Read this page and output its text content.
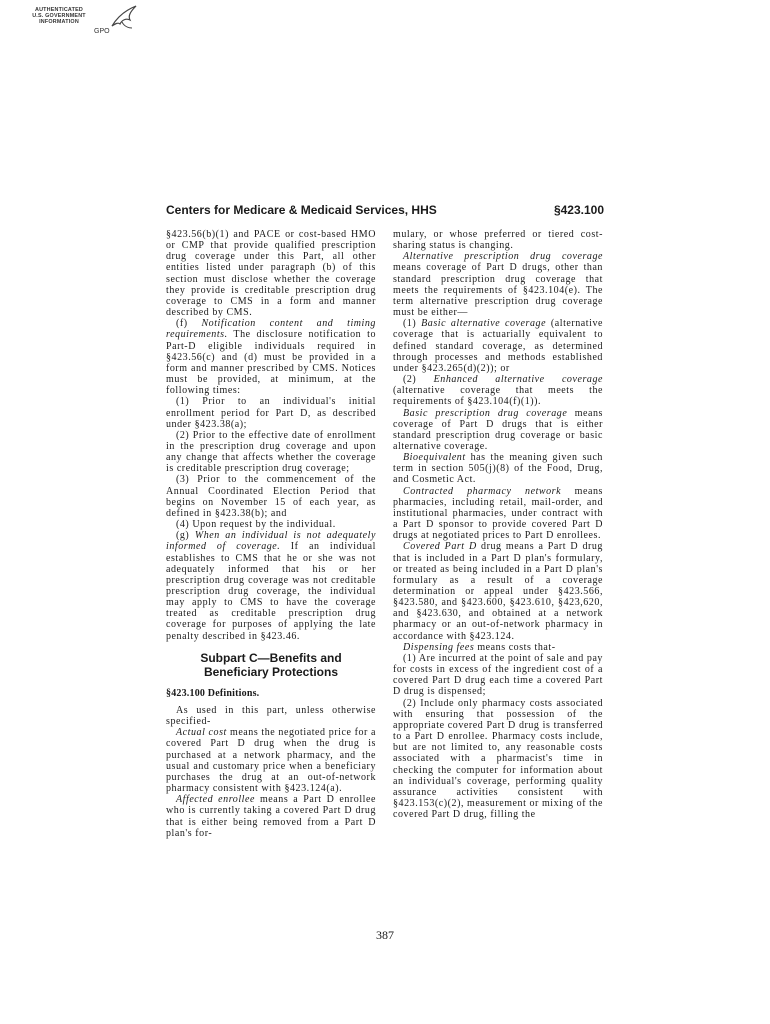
AUTHENTICATED
U.S. GOVERNMENT
INFORMATION
GPO
Centers for Medicare & Medicaid Services, HHS	§423.100

§423.56(b)(1) and PACE or cost-based HMO or CMP that provide qualified prescription drug coverage under this Part, all other entities listed under paragraph (b) of this section must disclose whether the coverage they provide is creditable prescription drug coverage to CMS in a form and manner described by CMS.

(f) Notification content and timing requirements. The disclosure notification to Part-D eligible individuals required in §423.56(c) and (d) must be provided in a form and manner prescribed by CMS. Notices must be provided, at minimum, at the following times:

(1) Prior to an individual's initial enrollment period for Part D, as described under §423.38(a);

(2) Prior to the effective date of enrollment in the prescription drug coverage and upon any change that affects whether the coverage is creditable prescription drug coverage;

(3) Prior to the commencement of the Annual Coordinated Election Period that begins on November 15 of each year, as defined in §423.38(b); and

(4) Upon request by the individual.

(g) When an individual is not adequately informed of coverage. If an individual establishes to CMS that he or she was not adequately informed that his or her prescription drug coverage was not creditable prescription drug coverage, the individual may apply to CMS to have the coverage treated as creditable prescription drug coverage for purposes of applying the late penalty described in §423.46.

Subpart C—Benefits and
Beneficiary Protections
§423.100 Definitions.

As used in this part, unless otherwise specified-

Actual cost means the negotiated price for a covered Part D drug when the drug is purchased at a network pharmacy, and the usual and customary price when a beneficiary purchases the drug at an out-of-network pharmacy consistent with §423.124(a).

Affected enrollee means a Part D enrollee who is currently taking a covered Part D drug that is either being removed from a Part D plan's for-

mulary, or whose preferred or tiered cost-sharing status is changing.

Alternative prescription drug coverage means coverage of Part D drugs, other than standard prescription drug coverage that meets the requirements of §423.104(e). The term alternative prescription drug coverage must be either—

(1) Basic alternative coverage (alternative coverage that is actuarially equivalent to defined standard coverage, as determined through processes and methods established under §423.265(d)(2)); or

(2) Enhanced alternative coverage (alternative coverage that meets the requirements of §423.104(f)(1)).

Basic prescription drug coverage means coverage of Part D drugs that is either standard prescription drug coverage or basic alternative coverage.

Bioequivalent has the meaning given such term in section 505(j)(8) of the Food, Drug, and Cosmetic Act.

Contracted pharmacy network means pharmacies, including retail, mail-order, and institutional pharmacies, under contract with a Part D sponsor to provide covered Part D drugs at negotiated prices to Part D enrollees.

Covered Part D drug means a Part D drug that is included in a Part D plan's formulary, or treated as being included in a Part D plan's formulary as a result of a coverage determination or appeal under §423.566, §423.580, and §423.600, §423.610, §423,620, and §423.630, and obtained at a network pharmacy or an out-of-network pharmacy in accordance with §423.124.

Dispensing fees means costs that-

(1) Are incurred at the point of sale and pay for costs in excess of the ingredient cost of a covered Part D drug each time a covered Part D drug is dispensed;

(2) Include only pharmacy costs associated with ensuring that possession of the appropriate covered Part D drug is transferred to a Part D enrollee. Pharmacy costs include, but are not limited to, any reasonable costs associated with a pharmacist's time in checking the computer for information about an individual's coverage, performing quality assurance activities consistent with §423.153(c)(2), measurement or mixing of the covered Part D drug, filling the

387
